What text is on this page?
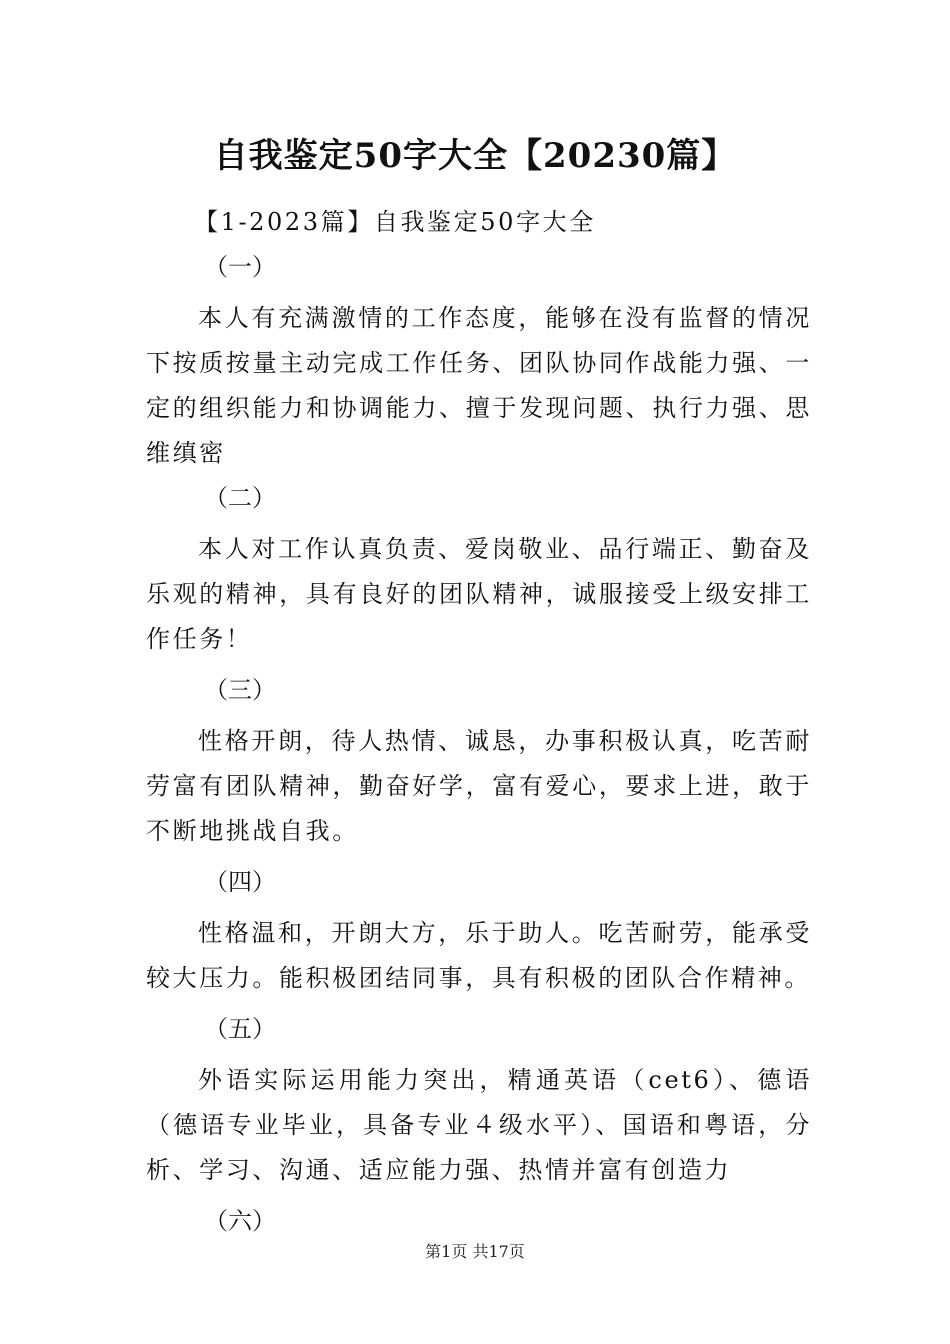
自我鉴定50字大全【20230篇】
【1-2023篇】自我鉴定50字大全
（一）
本人有充满激情的工作态度，能够在没有监督的情况下按质按量主动完成工作任务、团队协同作战能力强、一定的组织能力和协调能力、擅于发现问题、执行力强、思维缜密
（二）
本人对工作认真负责、爱岗敬业、品行端正、勤奋及乐观的精神，具有良好的团队精神，诚服接受上级安排工作任务！
（三）
性格开朗，待人热情、诚恳，办事积极认真，吃苦耐劳富有团队精神，勤奋好学，富有爱心，要求上进，敢于不断地挑战自我。
（四）
性格温和，开朗大方，乐于助人。吃苦耐劳，能承受较大压力。能积极团结同事，具有积极的团队合作精神。
（五）
外语实际运用能力突出，精通英语（cet6）、德语（德语专业毕业，具备专业４级水平）、国语和粤语，分析、学习、沟通、适应能力强、热情并富有创造力
（六）
第1页 共17页
